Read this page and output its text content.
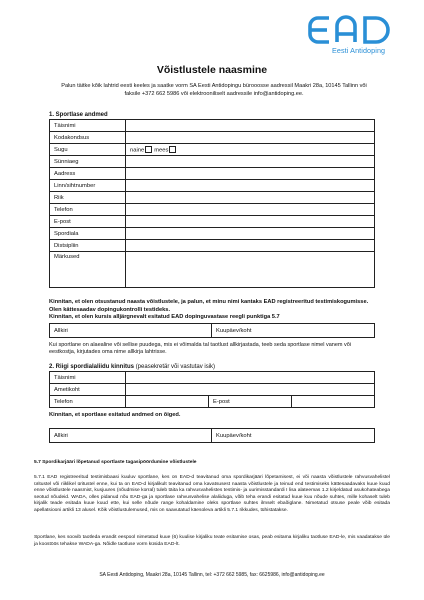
Eesti Antidoping
Võistlustele naasmine
Palun täitke kõik lahtrid eesti keeles ja saatke vorm SA Eesti Antidopingu bürooosse aadressil Maakri 28a, 10145 Tallinn või faksile +372 662 5986 või elektrooniliselt aadressile info@antidoping.ee.
1. Sportlase andmed
Täisnimi	
Kodakondsus	
Sugu	naine mees
Sünniaeg	
Aadress	
Linn/sihtnumber	
Riik	
Telefon	
E-post	
Spordiala	
Distsipliin	
Märkused	
Kinnitan, et olen otsustanud naasta võistlustele, ja palun, et minu nimi kantaks EAD registreeritud testimiskogumisse. Olen kättesaadav dopingukontrolli testideks.
Kinnitan, et olen kursis alljärgnevalt esitatud EAD dopinguvastase reegli punktiga 5.7
Allkiri	Kuupäev/koht
Kui sportlane on alaealine või sellise puudega, mis ei võimalda tal taotlust allkirjastada, teeb seda sportlase nimel vanem või eestkostja, kirjutades oma nime allkirja lahtrisse.
2. Riigi spordialaliidu kinnitus (peasekretär või vastutav isik)
Täisnimi			
Ametikoht			
Telefon		E-post	
Kinnitan, et sportlase esitatud andmed on õiged.
Allkiri	Kuupäev/koht
5.7 Spordikarjääri lõpetanud sportlaste tagasipöördumine võistlustele
5.7.1 EAD registreeritud testimisbaasi kuuluv sportlane, kes on EAD-d teavitanud oma spordikarjääri lõpetamisest, ei või naasta võistlustele rahvusvahelistel üritustel või riiklikel üritustel enne, kui ta on EAD-d kirjalikult teavitanud oma kavatsusest naasta võistlustele ja teinud end testimiseks kättesaadavaks kuue kuud enne võistlustele naasmist, kusjuures (nõudmise korral) tuleb täita ka rahvusvahelistes testimis- ja uurimisstandardi I lisa alateemas 1.2 kirjeldatud asukohateabega seotud nõudeid. WADA, olles pidanud nõu EAD-ga ja sportlase rahvusvahelise alaliiduga, võib teha erandi esitatud kuue kuu nõude suhtes, mille kohaselt tuleb kirjalik teade esitada kuue kuud ette, kui selle nõude range kohaldamine oleks sportlase suhtes ilmselt ebaõiglane. Nimetatud otsuse peale võib esitada apellatsiooni artikli 13 alusel. Kõik võistlustulemused, mis on saavutatud käesoleva artikli 5.7.1 rikkudes, tühistatakse.
Sportlane, kes soovib taotleda erandit eespool nimetatud kuue (6) kuulise kirjaliku teate esitamise osas, peab esitama kirjaliku taotluse EAD-le, mis vaadatakse üle ja koostöös tehakse WADA-ga. Nõidle taotluse vorm küsida EAD-lt.
SA Eesti Antidoping, Maakri 28a, 10145 Tallinn, tel: +372 662 5985, fax: 6625986, info@antidoping.ee
